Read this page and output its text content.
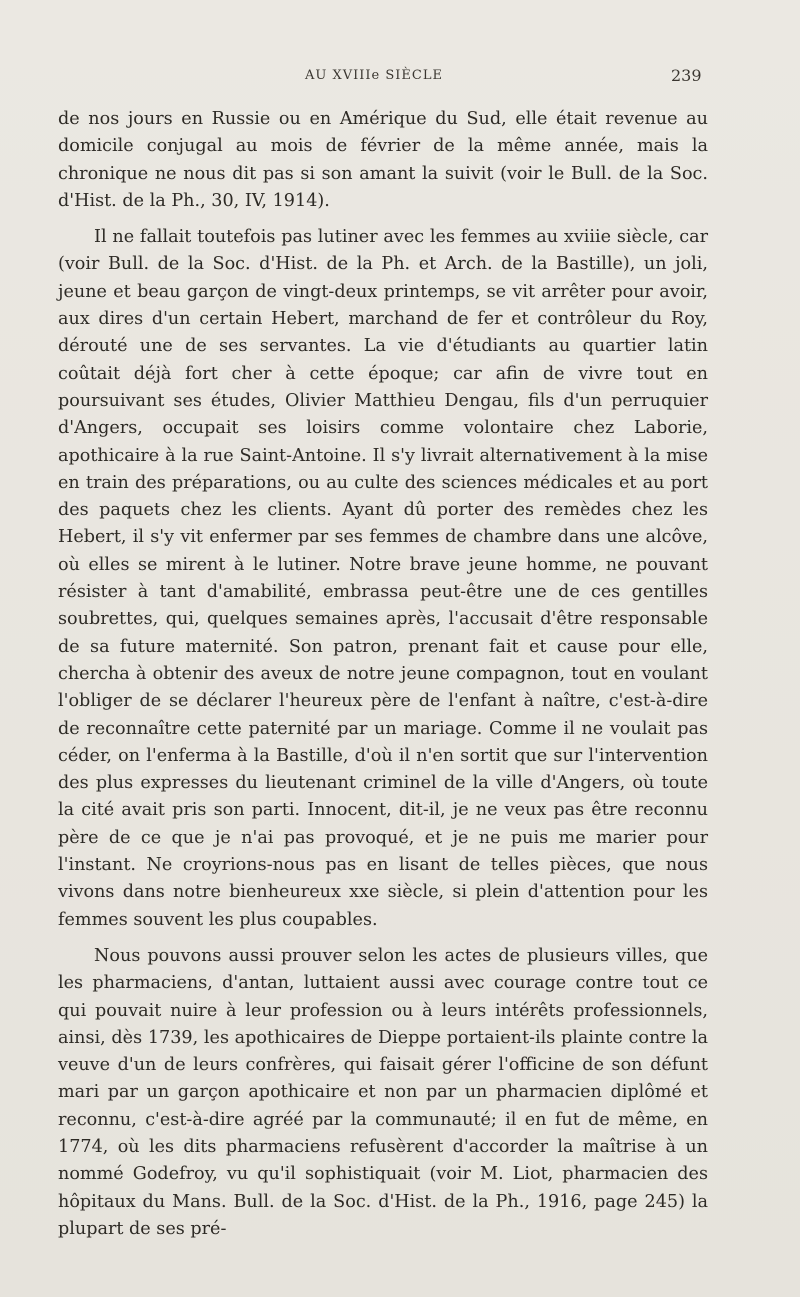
AU XVIIIe SIÈCLE	239

de nos jours en Russie ou en Amérique du Sud, elle était revenue au domicile conjugal au mois de février de la même année, mais la chronique ne nous dit pas si son amant la suivit (voir le Bull. de la Soc. d'Hist. de la Ph., 30, IV, 1914).

Il ne fallait toutefois pas lutiner avec les femmes au xviiie siècle, car (voir Bull. de la Soc. d'Hist. de la Ph. et Arch. de la Bastille), un joli, jeune et beau garçon de vingt-deux printemps, se vit arrêter pour avoir, aux dires d'un certain Hebert, marchand de fer et contrôleur du Roy, dérouté une de ses servantes. La vie d'étudiants au quartier latin coûtait déjà fort cher à cette époque; car afin de vivre tout en poursuivant ses études, Olivier Matthieu Dengau, fils d'un perruquier d'Angers, occupait ses loisirs comme volontaire chez Laborie, apothicaire à la rue Saint-Antoine. Il s'y livrait alternativement à la mise en train des préparations, ou au culte des sciences médicales et au port des paquets chez les clients. Ayant dû porter des remèdes chez les Hebert, il s'y vit enfermer par ses femmes de chambre dans une alcôve, où elles se mirent à le lutiner. Notre brave jeune homme, ne pouvant résister à tant d'amabilité, embrassa peut-être une de ces gentilles soubrettes, qui, quelques semaines après, l'accusait d'être responsable de sa future maternité. Son patron, prenant fait et cause pour elle, chercha à obtenir des aveux de notre jeune compagnon, tout en voulant l'obliger de se déclarer l'heureux père de l'enfant à naître, c'est-à-dire de reconnaître cette paternité par un mariage. Comme il ne voulait pas céder, on l'enferma à la Bastille, d'où il n'en sortit que sur l'intervention des plus expresses du lieutenant criminel de la ville d'Angers, où toute la cité avait pris son parti. Innocent, dit-il, je ne veux pas être reconnu père de ce que je n'ai pas provoqué, et je ne puis me marier pour l'instant. Ne croyrions-nous pas en lisant de telles pièces, que nous vivons dans notre bienheureux xxe siècle, si plein d'attention pour les femmes souvent les plus coupables.

Nous pouvons aussi prouver selon les actes de plusieurs villes, que les pharmaciens, d'antan, luttaient aussi avec courage contre tout ce qui pouvait nuire à leur profession ou à leurs intérêts professionnels, ainsi, dès 1739, les apothicaires de Dieppe portaient-ils plainte contre la veuve d'un de leurs confrères, qui faisait gérer l'officine de son défunt mari par un garçon apothicaire et non par un pharmacien diplômé et reconnu, c'est-à-dire agréé par la communauté; il en fut de même, en 1774, où les dits pharmaciens refusèrent d'accorder la maîtrise à un nommé Godefroy, vu qu'il sophistiquait (voir M. Liot, pharmacien des hôpitaux du Mans. Bull. de la Soc. d'Hist. de la Ph., 1916, page 245) la plupart de ses pré-
